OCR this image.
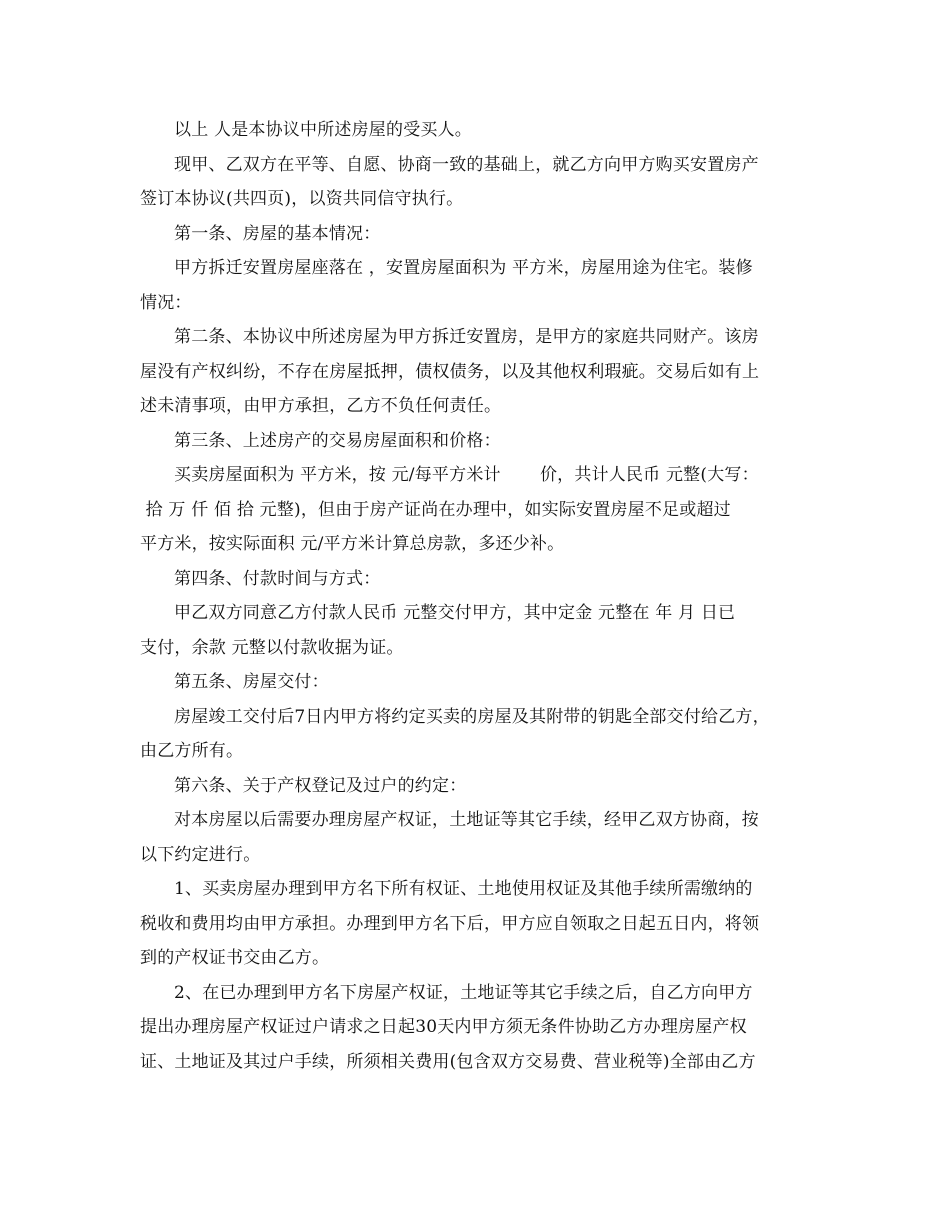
以上 人是本协议中所述房屋的受买人。
现甲、乙双方在平等、自愿、协商一致的基础上，就乙方向甲方购买安置房产
签订本协议(共四页)，以资共同信守执行。
第一条、房屋的基本情况：
甲方拆迁安置房屋座落在 ，安置房屋面积为 平方米，房屋用途为住宅。装修
情况：
第二条、本协议中所述房屋为甲方拆迁安置房，是甲方的家庭共同财产。该房
屋没有产权纠纷，不存在房屋抵押，债权债务，以及其他权利瑕疵。交易后如有上
述未清事项，由甲方承担，乙方不负任何责任。
第三条、上述房产的交易房屋面积和价格：
买卖房屋面积为 平方米，按 元/每平方米计       价，共计人民币 元整(大写：
拾 万 仟 佰 拾 元整)，但由于房产证尚在办理中，如实际安置房屋不足或超过
平方米，按实际面积 元/平方米计算总房款，多还少补。
第四条、付款时间与方式：
甲乙双方同意乙方付款人民币 元整交付甲方，其中定金 元整在 年 月 日已
支付，余款 元整以付款收据为证。
第五条、房屋交付：
房屋竣工交付后7日内甲方将约定买卖的房屋及其附带的钥匙全部交付给乙方，
由乙方所有。
第六条、关于产权登记及过户的约定：
对本房屋以后需要办理房屋产权证，土地证等其它手续，经甲乙双方协商，按
以下约定进行。
1、买卖房屋办理到甲方名下所有权证、土地使用权证及其他手续所需缴纳的
税收和费用均由甲方承担。办理到甲方名下后，甲方应自领取之日起五日内，将领
到的产权证书交由乙方。
2、在已办理到甲方名下房屋产权证，土地证等其它手续之后，自乙方向甲方
提出办理房屋产权证过户请求之日起30天内甲方须无条件协助乙方办理房屋产权
证、土地证及其过户手续，所须相关费用(包含双方交易费、营业税等)全部由乙方
